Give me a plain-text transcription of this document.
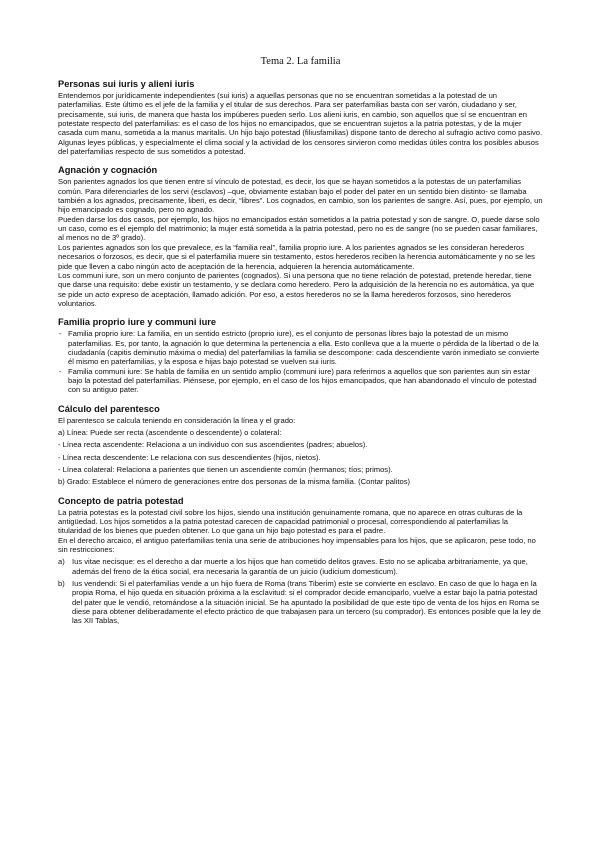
Tema 2. La familia
Personas sui iuris y alieni iuris

Entendemos por jurídicamente independientes (sui iuris) a aquellas personas que no se encuentran sometidas a la potestad de un paterfamilias. Este último es el jefe de la familia y el titular de sus derechos. Para ser paterfamilias basta con ser varón, ciudadano y ser, precisamente, sui iuris, de manera que hasta los impúberes pueden serlo. Los alieni iuris, en cambio, son aquellos que sí se encuentran en potestate respecto del paterfamilias: es el caso de los hijos no emancipados, que se encuentran sujetos a la patria potestas, y de la mujer casada cum manu, sometida a la manus maritalis. Un hijo bajo potestad (filiusfamilias) dispone tanto de derecho al sufragio activo como pasivo.

Algunas leyes públicas, y especialmente el clima social y la actividad de los censores sirvieron como medidas útiles contra los posibles abusos del paterfamilias respecto de sus sometidos a potestad.

Agnación y cognación

Son parientes agnados los que tienen entre sí vínculo de potestad, es decir, los que se hayan sometidos a la potestas de un paterfamilias común. Para diferenciarles de los servi (esclavos) –que, obviamente estaban bajo el poder del pater en un sentido bien distinto- se llamaba también a los agnados, precisamente, liberi, es decir, “libres”. Los cognados, en cambio, son los parientes de sangre. Así, pues, por ejemplo, un hijo emancipado es cognado, pero no agnado.

Pueden darse los dos casos, por ejemplo, los hijos no emancipados están sometidos a la patria potestad y son de sangre. O, puede darse solo un caso, como es el ejemplo del matrimonio; la mujer está sometida a la patria potestad, pero no es de sangre (no se pueden casar familiares, al menos no de 3º grado).

Los parientes agnados son los que prevalece, es la “familia real”, familia proprio iure. A los parientes agnados se les consideran herederos necesarios o forzosos, es decir, que si el paterfamilia muere sin testamento, estos herederos reciben la herencia automáticamente y no se les pide que lleven a cabo ningún acto de aceptación de la herencia, adquieren la herencia automáticamente.

Los communi iure, son un mero conjunto de parientes (cognados). Si una persona que no tiene relación de potestad, pretende heredar, tiene que darse una requisito: debe existir un testamento, y se declara como heredero. Pero la adquisición de la herencia no es automática, ya que se pide un acto expreso de aceptación, llamado adición. Por eso, a estos herederos no se la llama herederos forzosos, sino herederos voluntarios.

Familia proprio iure y communi iure
- Familia proprio iure: La familia, en un sentido estricto (proprio iure), es el conjunto de personas libres bajo la potestad de un mismo paterfamilias. Es, por tanto, la agnación lo que determina la pertenencia a ella. Esto conlleva que a la muerte o pérdida de la libertad o de la ciudadanía (capitis deminutio máxima o media) del paterfamilias la familia se descompone: cada descendiente varón inmediato se convierte él mismo en paterfamilias, y la esposa e hijas bajo potestad se vuelven sui iuris.
- Familia communi iure: Se habla de familia en un sentido amplio (communi iure) para referirnos a aquellos que son parientes aun sin estar bajo la potestad del paterfamilias. Piénsese, por ejemplo, en el caso de los hijos emancipados, que han abandonado el vínculo de potestad con su antiguo pater.
Cálculo del parentesco

El parentesco se calcula teniendo en consideración la línea y el grado:

a) Línea: Puede ser recta (ascendente o descendente) o colateral:

- Línea recta ascendente: Relaciona a un individuo con sus ascendientes (padres; abuelos).

- Línea recta descendente: Le relaciona con sus descendientes (hijos, nietos).

- Línea colateral: Relaciona a parientes que tienen un ascendiente común (hermanos; tíos; primos).

b) Grado: Establece el número de generaciones entre dos personas de la misma familia. (Contar palitos)

Concepto de patria potestad

La patria potestas es la potestad civil sobre los hijos, siendo una institución genuinamente romana, que no aparece en otras culturas de la antigüedad. Los hijos sometidos a la patria potestad carecen de capacidad patrimonial o procesal, correspondiendo al paterfamilias la titularidad de los bienes que pueden obtener. Lo que gana un hijo bajo potestad es para el padre.

En el derecho arcaico, el antiguo paterfamilias tenía una serie de atribuciones hoy impensables para los hijos, que se aplicaron, pese todo, no sin restricciones:

a) Ius vitae necisque: es el derecho a dar muerte a los hijos que han cometido delitos graves. Esto no se aplicaba arbitrariamente, ya que, además del freno de la ética social, era necesaria la garantía de un juicio (iudicium domesticum).
b) Ius vendendi: Si el paterfamilias vende a un hijo fuera de Roma (trans Tiberim) este se convierte en esclavo. En caso de que lo haga en la propia Roma, el hijo queda en situación próxima a la esclavitud: si el comprador decide emanciparlo, vuelve a estar bajo la patria potestad del pater que le vendió, retomándose a la situación inicial. Se ha apuntado la posibilidad de que este tipo de venta de los hijos en Roma se diese para obtener deliberadamente el efecto práctico de que trabajasen para un tercero (su comprador). Es entonces posible que la ley de las XII Tablas,
